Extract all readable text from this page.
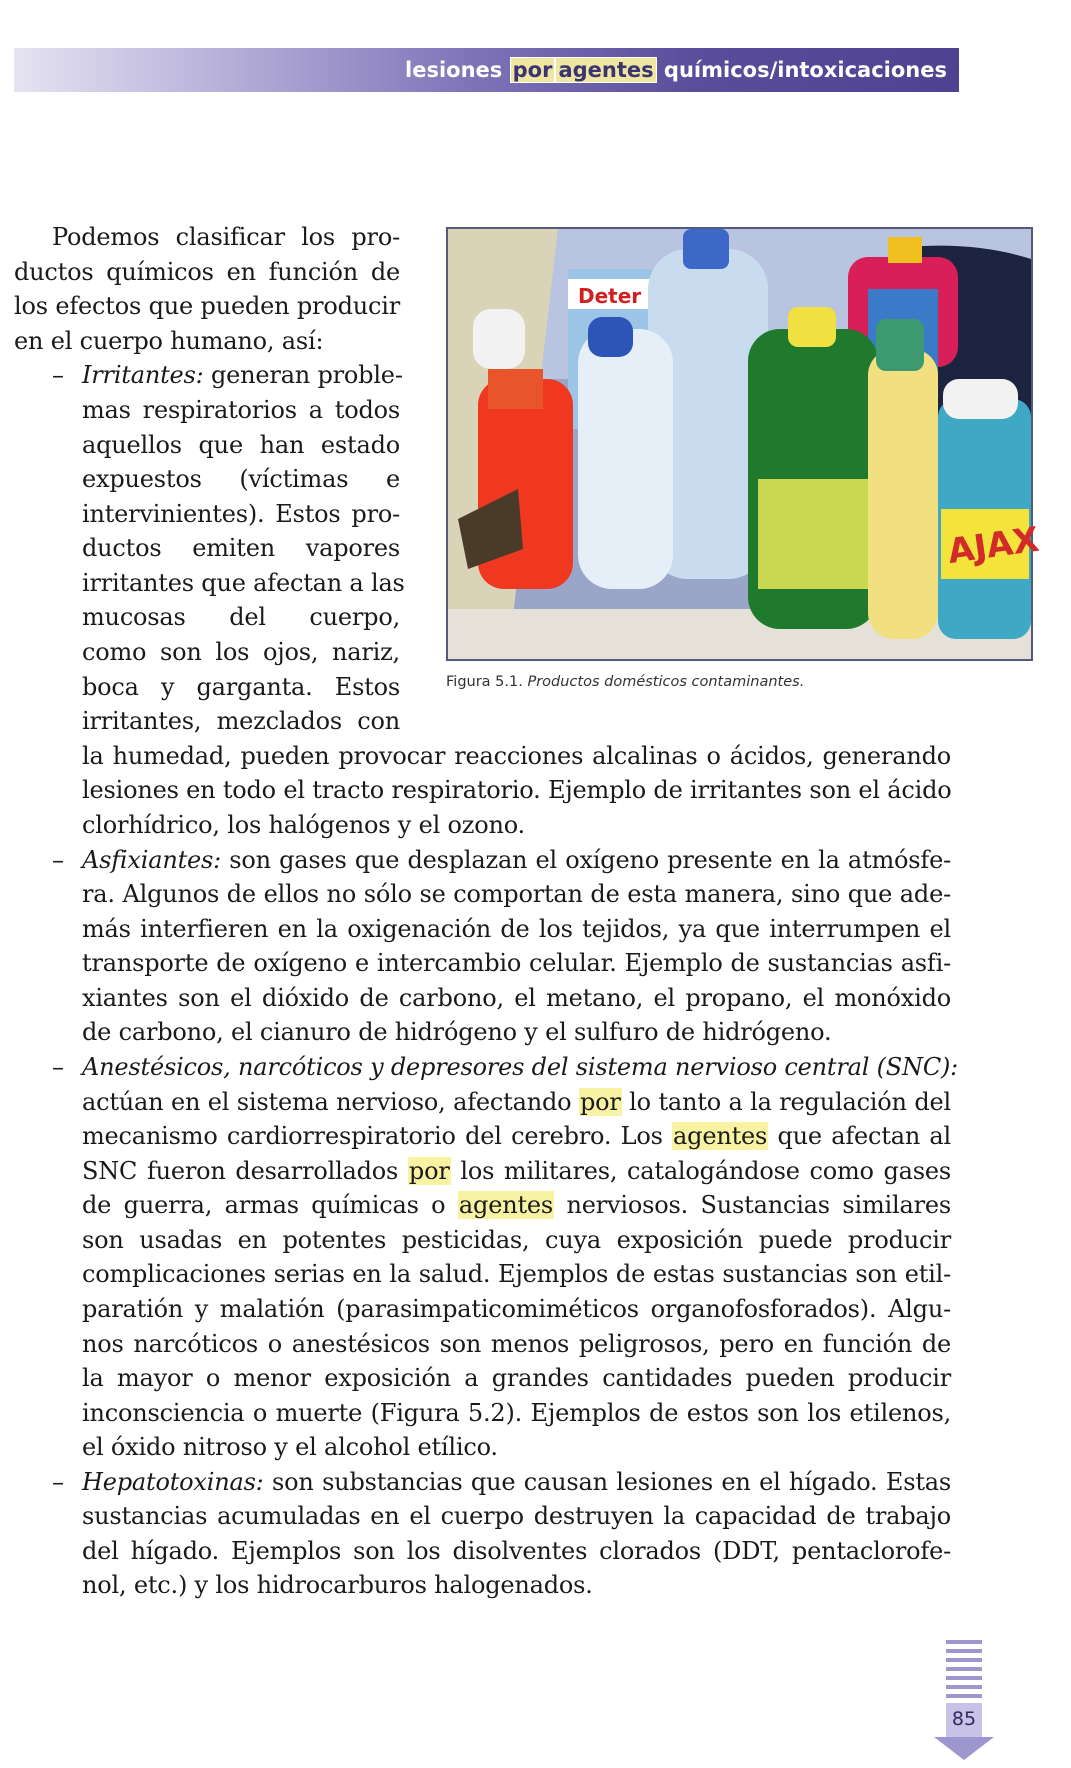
lesiones por agentes químicos/intoxicaciones
Deter
AJAX
Figura 5.1. Productos domésticos contaminantes.
Podemos clasificar los pro-
ductos químicos en función de
los efectos que pueden producir
en el cuerpo humano, así:
– Irritantes: generan proble-
mas respiratorios a todos
aquellos que han estado
expuestos (víctimas e
intervinientes). Estos pro-
ductos emiten vapores
irritantes que afectan a las
mucosas del cuerpo,
como son los ojos, nariz,
boca y garganta. Estos
irritantes, mezclados con
la humedad, pueden provocar reacciones alcalinas o ácidos, generando
lesiones en todo el tracto respiratorio. Ejemplo de irritantes son el ácido
clorhídrico, los halógenos y el ozono.
– Asfixiantes: son gases que desplazan el oxígeno presente en la atmósfe-
ra. Algunos de ellos no sólo se comportan de esta manera, sino que ade-
más interfieren en la oxigenación de los tejidos, ya que interrumpen el
transporte de oxígeno e intercambio celular. Ejemplo de sustancias asfi-
xiantes son el dióxido de carbono, el metano, el propano, el monóxido
de carbono, el cianuro de hidrógeno y el sulfuro de hidrógeno.
– Anestésicos, narcóticos y depresores del sistema nervioso central (SNC):
actúan en el sistema nervioso, afectando por lo tanto a la regulación del
mecanismo cardiorrespiratorio del cerebro. Los agentes que afectan al
SNC fueron desarrollados por los militares, catalogándose como gases
de guerra, armas químicas o agentes nerviosos. Sustancias similares
son usadas en potentes pesticidas, cuya exposición puede producir
complicaciones serias en la salud. Ejemplos de estas sustancias son etil-
paratión y malatión (parasimpaticomiméticos organofosforados). Algu-
nos narcóticos o anestésicos son menos peligrosos, pero en función de
la mayor o menor exposición a grandes cantidades pueden producir
inconsciencia o muerte (Figura 5.2). Ejemplos de estos son los etilenos,
el óxido nitroso y el alcohol etílico.
– Hepatotoxinas: son substancias que causan lesiones en el hígado. Estas
sustancias acumuladas en el cuerpo destruyen la capacidad de trabajo
del hígado. Ejemplos son los disolventes clorados (DDT, pentaclorofe-
nol, etc.) y los hidrocarburos halogenados.
85
